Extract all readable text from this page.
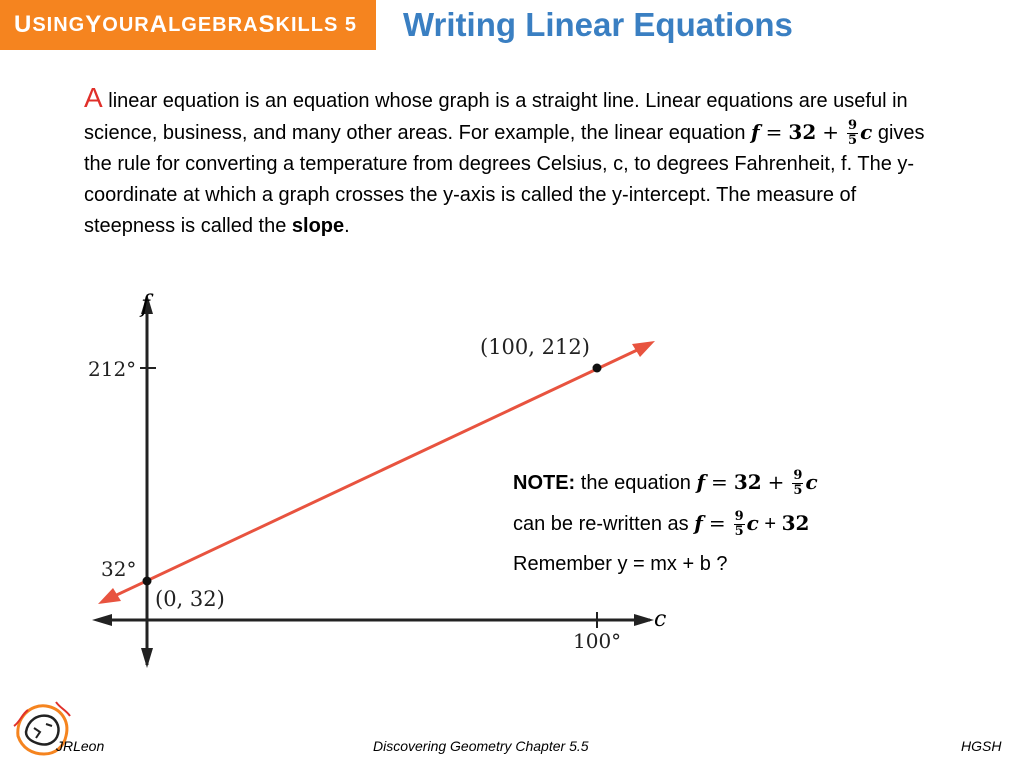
U SING Y OUR A LGEBRA S KILLS 5 Writing Linear Equations
A linear equation is an equation whose graph is a straight line. Linear equations are useful in science, business, and many other areas. For example, the linear equation $f = 32 + \frac{9}{5}$ c gives the rule for converting a temperature from degrees Celsius, c, to degrees Fahrenheit, f. The y-coordinate at which a graph crosses the y-axis is called the y-intercept. The measure of steepness is called the slope.
f
c
212°
32°
100°
(100, 212)
(0, 32)
NOTE: the equation $f = 32 + \frac{9}{5}$ c
can be re-written as $f = \frac{9}{5}$ c + 32
Remember y = mx + b ?
JRLeon	Discovering Geometry Chapter 5.5	HGSH
